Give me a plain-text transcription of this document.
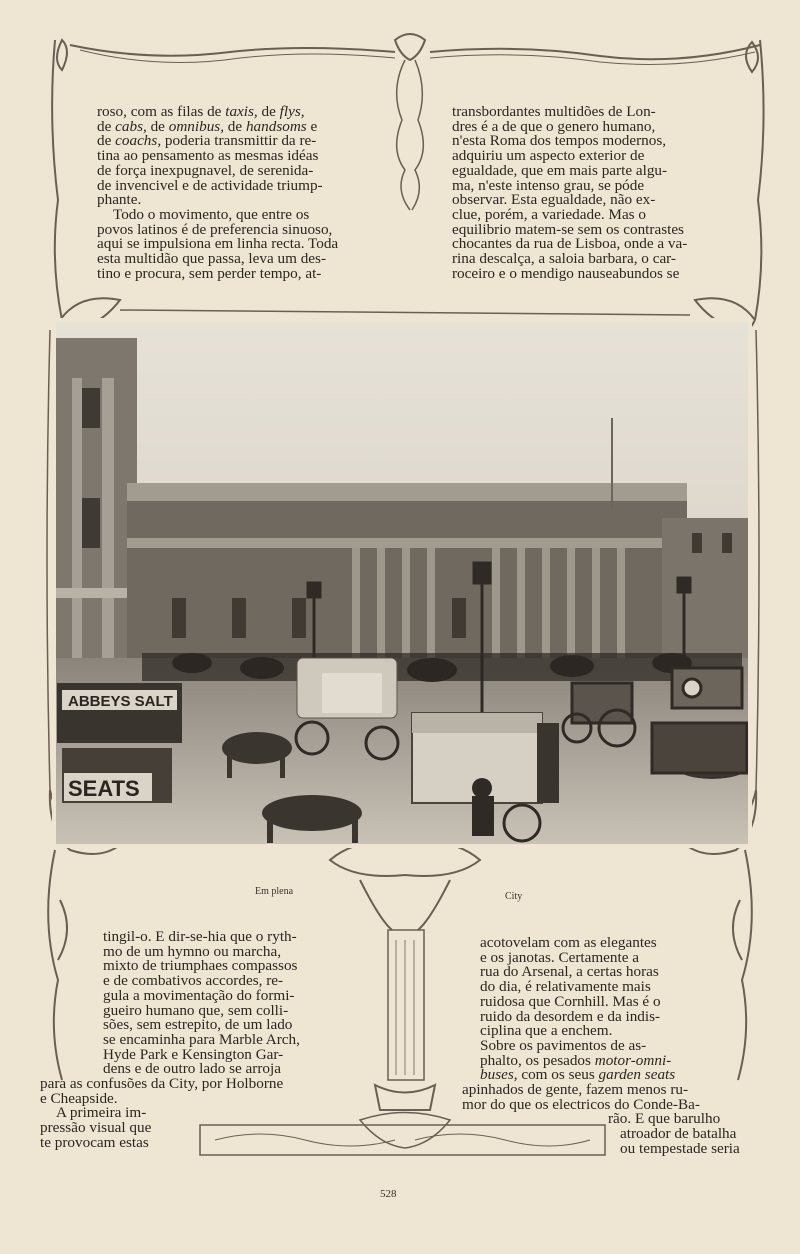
roso, com as filas de taxis, de flys,
de cabs, de omnibus, de handsoms e
de coachs, poderia transmittir da re-
tina ao pensamento as mesmas idéas
de força inexpugnavel, de serenida-
de invencivel e de actividade triump-
phante.
Todo o movimento, que entre os
povos latinos é de preferencia sinuoso,
aqui se impulsiona em linha recta. Toda
esta multidão que passa, leva um des-
tino e procura, sem perder tempo, at-
transbordantes multidões de Lon-
dres é a de que o genero humano,
n'esta Roma dos tempos modernos,
adquiriu um aspecto exterior de
egualdade, que em mais parte algu-
ma, n'este intenso grau, se póde
observar. Esta egualdade, não ex-
clue, porém, a variedade. Mas o
equilibrio matem-se sem os contrastes
chocantes da rua de Lisboa, onde a va-
rina descalça, a saloia barbara, o car-
roceiro e o mendigo nauseabundos se
ABBEYS SALT
SEATS
Em plena	City
tingil-o. E dir-se-hia que o ryth-
mo de um hymno ou marcha,
mixto de triumphaes compassos
e de combativos accordes, re-
gula a movimentação do formi-
gueiro humano que, sem colli-
sões, sem estrepito, de um lado
se encaminha para Marble Arch,
Hyde Park e Kensington Gar-
dens e de outro lado se arroja
para as confusões da City, por Holborne
e Cheapside.
A primeira im-
pressão visual que
te provocam estas
acotovelam com as elegantes
e os janotas. Certamente a
rua do Arsenal, a certas horas
do dia, é relativamente mais
ruidosa que Cornhill. Mas é o
ruido da desordem e da indis-
ciplina que a enchem.
Sobre os pavimentos de as-
phalto, os pesados motor-omni-
buses, com os seus garden seats
apinhados de gente, fazem menos ru-
mor do que os electricos do Conde-Ba-
rão. E que barulho
atroador de batalha
ou tempestade seria
528
